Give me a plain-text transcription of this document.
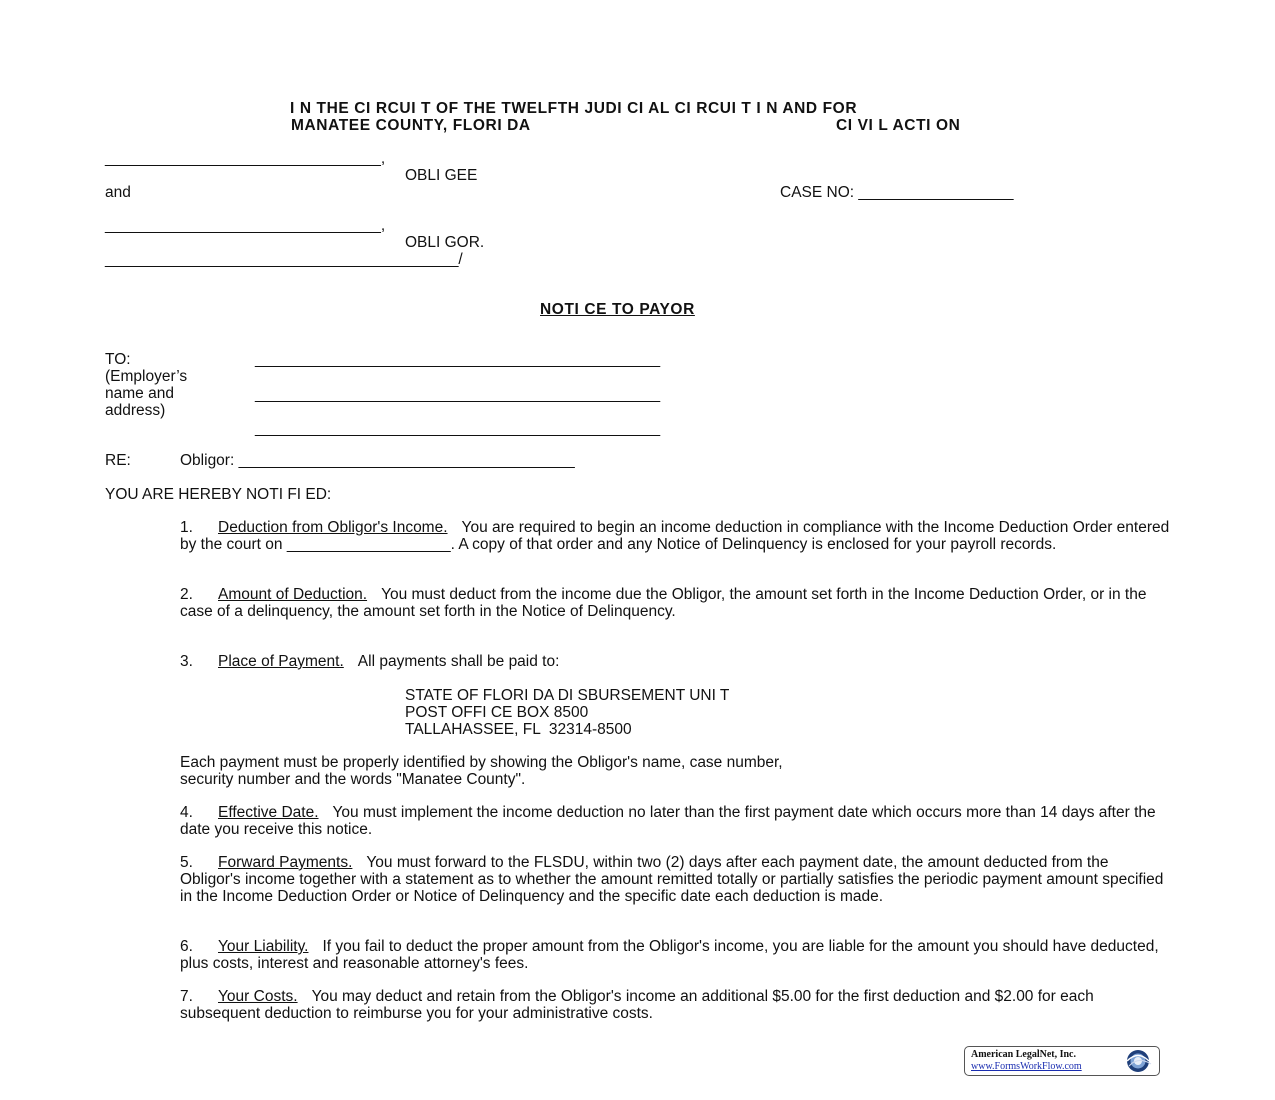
I N THE CI RCUI T OF THE TWELFTH JUDI CI AL CI RCUI T I N AND FOR
MANATEE COUNTY, FLORI DA	CI VI L ACTI ON
________________________________,
OBLI GEE
and	CASE NO: __________________
________________________________,
OBLI GOR.
_________________________________________/
NOTI CE TO PAYOR
TO:
(Employer’s
name and
address)
_______________________________________________
_______________________________________________
_______________________________________________
RE:	Obligor: _______________________________________
YOU ARE HEREBY NOTI FI ED:
1. Deduction from Obligor's Income. You are required to begin an income deduction in compliance with the Income Deduction Order entered by the court on ___________________. A copy of that order and any Notice of Delinquency is enclosed for your payroll records.
2. Amount of Deduction. You must deduct from the income due the Obligor, the amount set forth in the Income Deduction Order, or in the case of a delinquency, the amount set forth in the Notice of Delinquency.
3. Place of Payment. All payments shall be paid to:
STATE OF FLORI DA DI SBURSEMENT UNI T
POST OFFI CE BOX 8500
TALLAHASSEE, FL  32314-8500
Each payment must be properly identified by showing the Obligor's name, case number,
security number and the words "Manatee County".
4. Effective Date. You must implement the income deduction no later than the first payment date which occurs more than 14 days after the date you receive this notice.
5. Forward Payments. You must forward to the FLSDU, within two (2) days after each payment date, the amount deducted from the Obligor's income together with a statement as to whether the amount remitted totally or partially satisfies the periodic payment amount specified in the Income Deduction Order or Notice of Delinquency and the specific date each deduction is made.
6. Your Liability. If you fail to deduct the proper amount from the Obligor's income, you are liable for the amount you should have deducted, plus costs, interest and reasonable attorney's fees.
7. Your Costs. You may deduct and retain from the Obligor's income an additional $5.00 for the first deduction and $2.00 for each subsequent deduction to reimburse you for your administrative costs.
American LegalNet, Inc.
www.FormsWorkFlow.com
